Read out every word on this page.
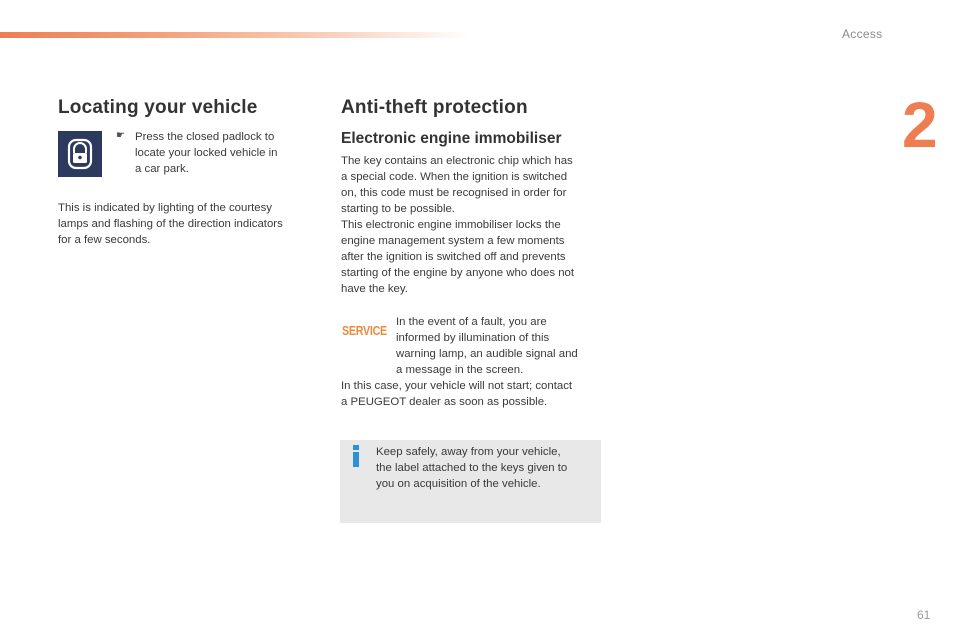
Access
2
Locating your vehicle
☛ Press the closed padlock to
locate your locked vehicle in
a car park.
This is indicated by lighting of the courtesy
lamps and flashing of the direction indicators
for a few seconds.
Anti-theft protection
Electronic engine immobiliser
The key contains an electronic chip which has
a special code. When the ignition is switched
on, this code must be recognised in order for
starting to be possible.
This electronic engine immobiliser locks the
engine management system a few moments
after the ignition is switched off and prevents
starting of the engine by anyone who does not
have the key.
SERVICE
In the event of a fault, you are
informed by illumination of this
warning lamp, an audible signal and
a message in the screen.
In this case, your vehicle will not start; contact
a PEUGEOT dealer as soon as possible.
Keep safely, away from your vehicle,
the label attached to the keys given to
you on acquisition of the vehicle.
61
